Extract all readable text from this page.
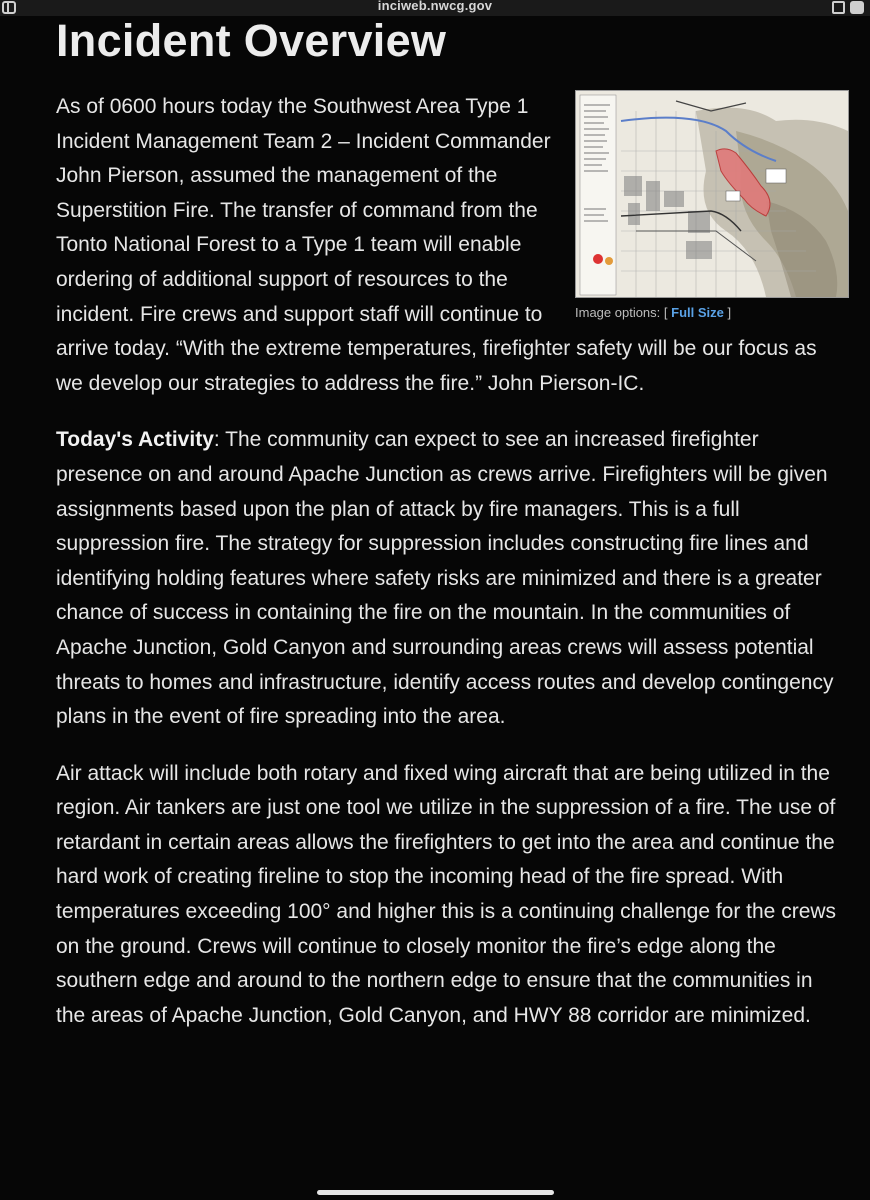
inciweb.nwcg.gov
Incident Overview
Image options: [ Full Size ]

As of 0600 hours today the Southwest Area Type 1 Incident Management Team 2 – Incident Commander John Pierson, assumed the management of the Superstition Fire. The transfer of command from the Tonto National Forest to a Type 1 team will enable ordering of additional support of resources to the incident. Fire crews and support staff will continue to arrive today. “With the extreme temperatures, firefighter safety will be our focus as we develop our strategies to address the fire.” John Pierson-IC.

Today's Activity: The community can expect to see an increased firefighter presence on and around Apache Junction as crews arrive. Firefighters will be given assignments based upon the plan of attack by fire managers. This is a full suppression fire. The strategy for suppression includes constructing fire lines and identifying holding features where safety risks are minimized and there is a greater chance of success in containing the fire on the mountain. In the communities of Apache Junction, Gold Canyon and surrounding areas crews will assess potential threats to homes and infrastructure, identify access routes and develop contingency plans in the event of fire spreading into the area.

Air attack will include both rotary and fixed wing aircraft that are being utilized in the region. Air tankers are just one tool we utilize in the suppression of a fire. The use of retardant in certain areas allows the firefighters to get into the area and continue the hard work of creating fireline to stop the incoming head of the fire spread. With temperatures exceeding 100° and higher this is a continuing challenge for the crews on the ground. Crews will continue to closely monitor the fire’s edge along the southern edge and around to the northern edge to ensure that the communities in the areas of Apache Junction, Gold Canyon, and HWY 88 corridor are minimized.
